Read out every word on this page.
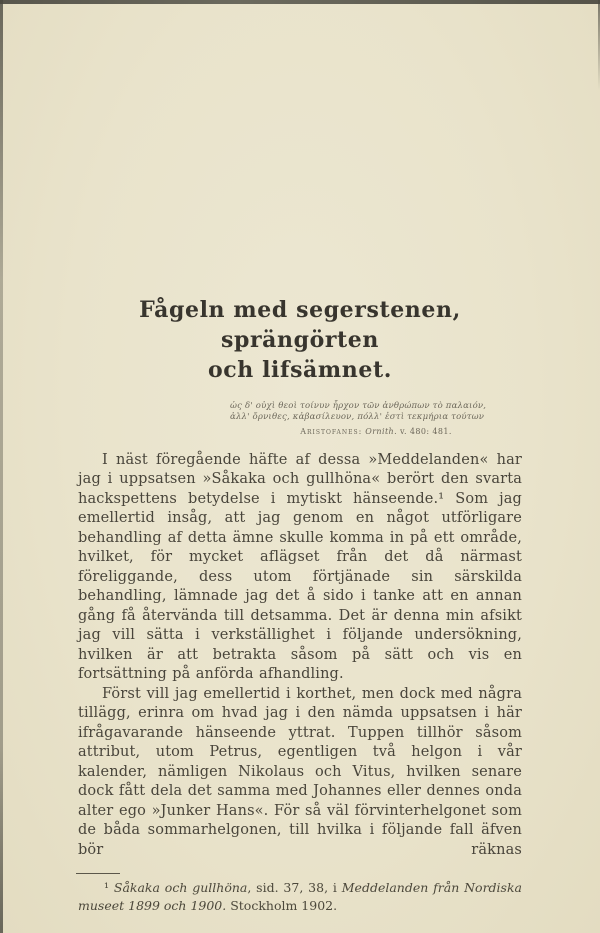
Fågeln med segerstenen, sprängörten
och lifsämnet.
ὡς δ' οὐχὶ θεοὶ τοίνυν ἦρχον τῶν ἀνθρώπων τὸ παλαιόν,
ἀλλ' ὄρνιθες, κἀβασίλευον, πόλλ' ἐστὶ τεκμήρια τούτων
Aristofanes: Ornith. v. 480: 481.

I näst föregående häfte af dessa »Meddelanden« har jag i uppsatsen »Såkaka och gullhöna« berört den svarta hackspettens betydelse i mytiskt hänseende.¹ Som jag emellertid insåg, att jag genom en något utförligare behandling af detta ämne skulle komma in på ett område, hvilket, för mycket aflägset från det då närmast föreliggande, dess utom förtjänade sin särskilda behandling, lämnade jag det å sido i tanke att en annan gång få återvända till detsamma. Det är denna min afsikt jag vill sätta i verkställighet i följande undersökning, hvilken är att betrakta såsom på sätt och vis en fortsättning på anförda afhandling.

Först vill jag emellertid i korthet, men dock med några tillägg, erinra om hvad jag i den nämda uppsatsen i här ifrågavarande hänseende yttrat. Tuppen tillhör såsom attribut, utom Petrus, egentligen två helgon i vår kalender, nämligen Nikolaus och Vitus, hvilken senare dock fått dela det samma med Johannes eller dennes onda alter ego »Junker Hans«. För så väl förvinterhelgonet som de båda sommarhelgonen, till hvilka i följande fall äfven bör räknas

¹ Såkaka och gullhöna, sid. 37, 38, i Meddelanden från Nordiska museet 1899 och 1900. Stockholm 1902.
